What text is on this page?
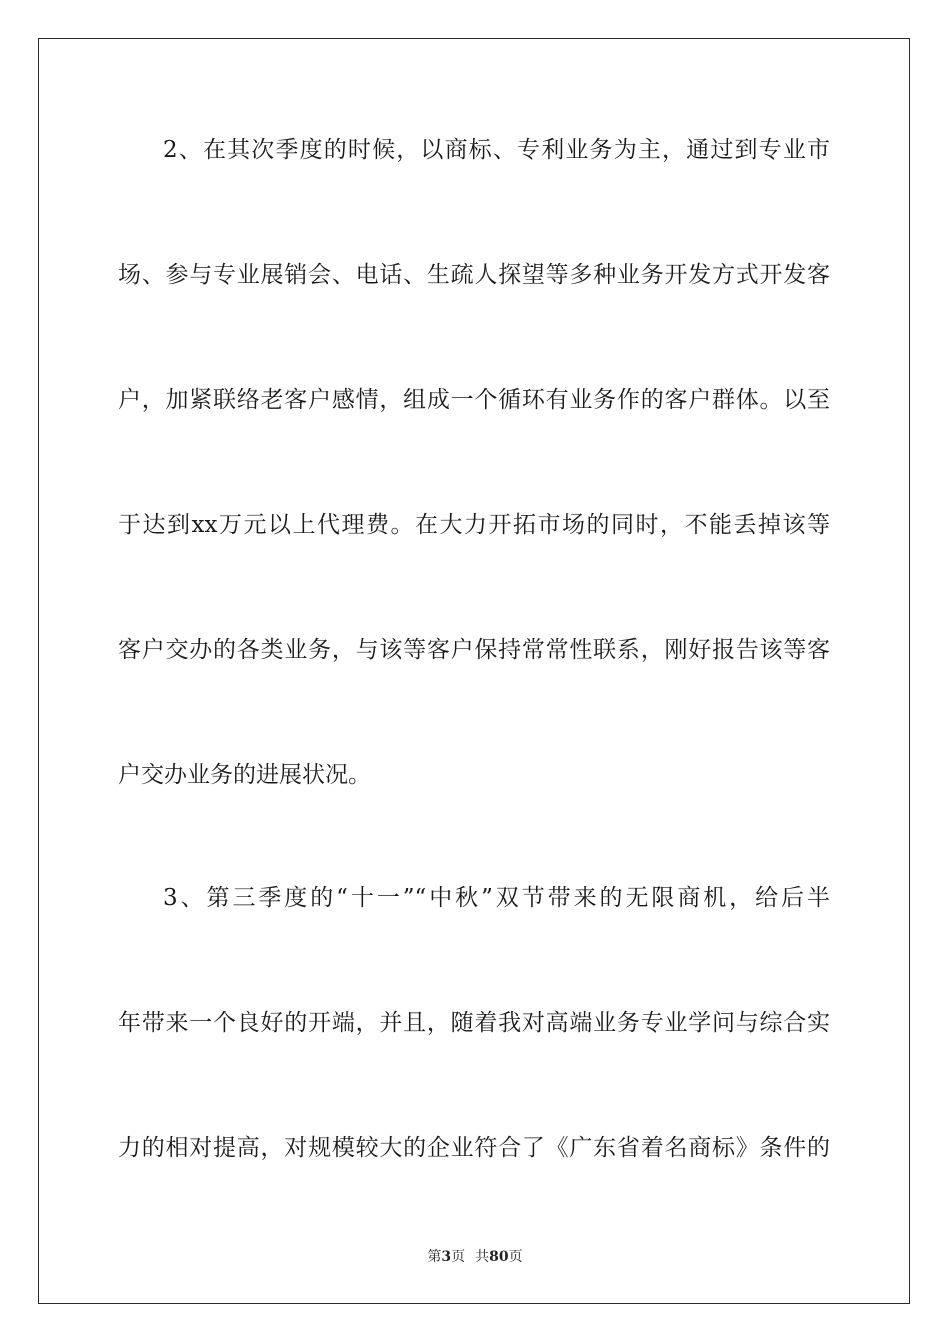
2、在其次季度的时候，以商标、专利业务为主，通过到专业市
场、参与专业展销会、电话、生疏人探望等多种业务开发方式开发客
户，加紧联络老客户感情，组成一个循环有业务作的客户群体。以至
于达到xx万元以上代理费。在大力开拓市场的同时，不能丢掉该等
客户交办的各类业务，与该等客户保持常常性联系，刚好报告该等客
户交办业务的进展状况。
3、第三季度的“十一”“中秋”双节带来的无限商机，给后半
年带来一个良好的开端，并且，随着我对高端业务专业学问与综合实
力的相对提高，对规模较大的企业符合了《广东省着名商标》条件的
第3页 共80页
